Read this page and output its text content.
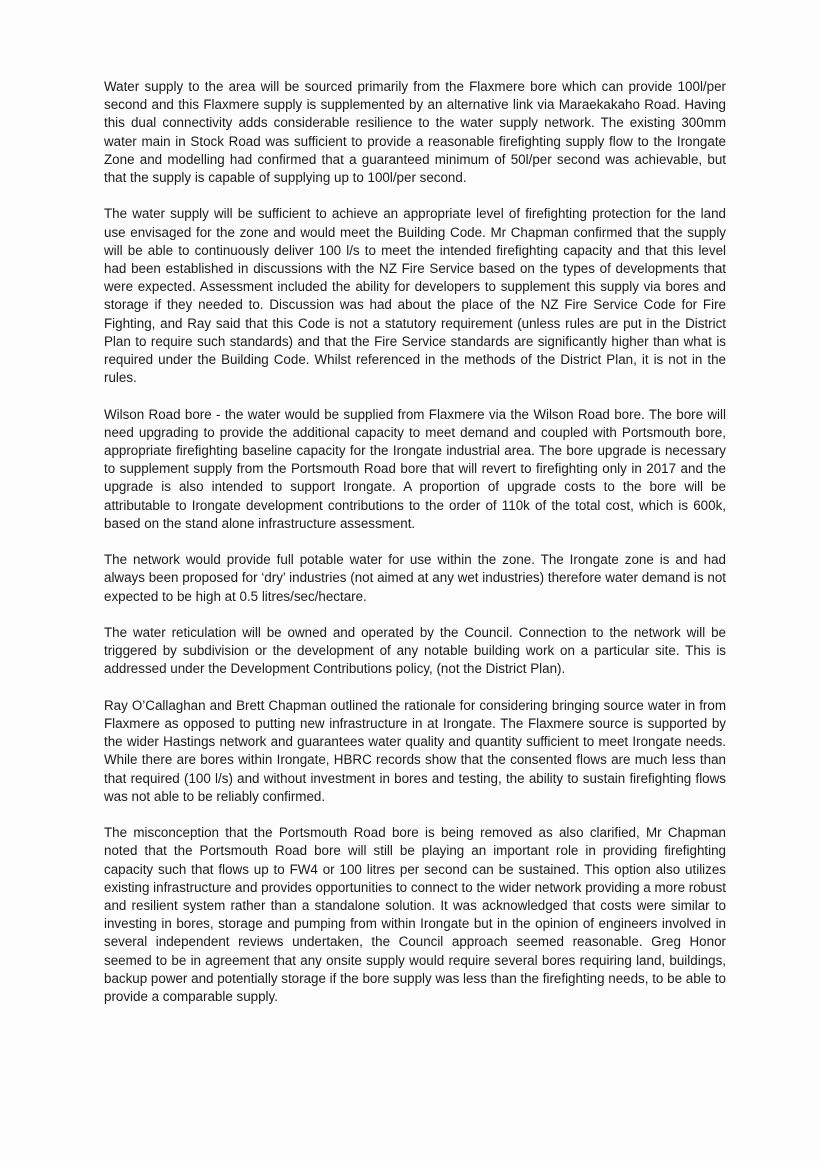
Water supply to the area will be sourced primarily from the Flaxmere bore which can provide 100l/per second and this Flaxmere supply is supplemented by an alternative link via Maraekakaho Road. Having this dual connectivity adds considerable resilience to the water supply network. The existing 300mm water main in Stock Road was sufficient to provide a reasonable firefighting supply flow to the Irongate Zone and modelling had confirmed that a guaranteed minimum of 50l/per second was achievable, but that the supply is capable of supplying up to 100l/per second.

The water supply will be sufficient to achieve an appropriate level of firefighting protection for the land use envisaged for the zone and would meet the Building Code. Mr Chapman confirmed that the supply will be able to continuously deliver 100 l/s to meet the intended firefighting capacity and that this level had been established in discussions with the NZ Fire Service based on the types of developments that were expected. Assessment included the ability for developers to supplement this supply via bores and storage if they needed to. Discussion was had about the place of the NZ Fire Service Code for Fire Fighting, and Ray said that this Code is not a statutory requirement (unless rules are put in the District Plan to require such standards) and that the Fire Service standards are significantly higher than what is required under the Building Code. Whilst referenced in the methods of the District Plan, it is not in the rules.

Wilson Road bore - the water would be supplied from Flaxmere via the Wilson Road bore. The bore will need upgrading to provide the additional capacity to meet demand and coupled with Portsmouth bore, appropriate firefighting baseline capacity for the Irongate industrial area. The bore upgrade is necessary to supplement supply from the Portsmouth Road bore that will revert to firefighting only in 2017 and the upgrade is also intended to support Irongate. A proportion of upgrade costs to the bore will be attributable to Irongate development contributions to the order of 110k of the total cost, which is 600k, based on the stand alone infrastructure assessment.

The network would provide full potable water for use within the zone. The Irongate zone is and had always been proposed for ‘dry’ industries (not aimed at any wet industries) therefore water demand is not expected to be high at 0.5 litres/sec/hectare.

The water reticulation will be owned and operated by the Council. Connection to the network will be triggered by subdivision or the development of any notable building work on a particular site. This is addressed under the Development Contributions policy, (not the District Plan).

Ray O’Callaghan and Brett Chapman outlined the rationale for considering bringing source water in from Flaxmere as opposed to putting new infrastructure in at Irongate. The Flaxmere source is supported by the wider Hastings network and guarantees water quality and quantity sufficient to meet Irongate needs. While there are bores within Irongate, HBRC records show that the consented flows are much less than that required (100 l/s) and without investment in bores and testing, the ability to sustain firefighting flows was not able to be reliably confirmed.

The misconception that the Portsmouth Road bore is being removed as also clarified, Mr Chapman noted that the Portsmouth Road bore will still be playing an important role in providing firefighting capacity such that flows up to FW4 or 100 litres per second can be sustained. This option also utilizes existing infrastructure and provides opportunities to connect to the wider network providing a more robust and resilient system rather than a standalone solution. It was acknowledged that costs were similar to investing in bores, storage and pumping from within Irongate but in the opinion of engineers involved in several independent reviews undertaken, the Council approach seemed reasonable. Greg Honor seemed to be in agreement that any onsite supply would require several bores requiring land, buildings, backup power and potentially storage if the bore supply was less than the firefighting needs, to be able to provide a comparable supply.
